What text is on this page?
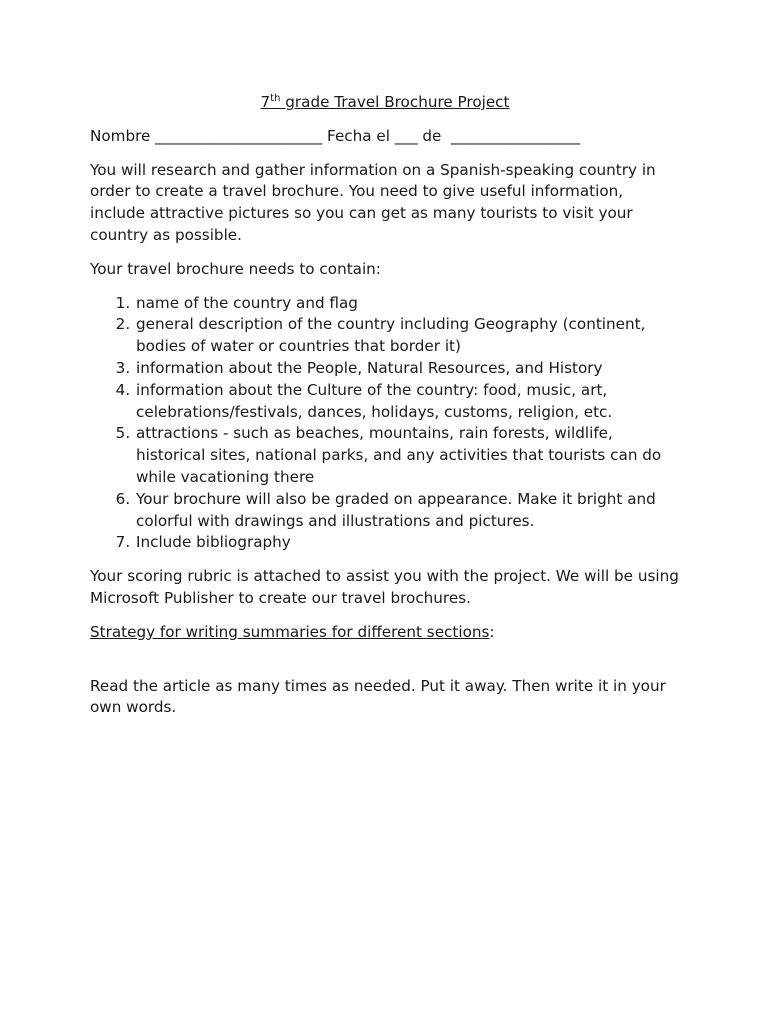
7th grade Travel Brochure Project

Nombre ______________________ Fecha el ___ de  _________________

You will research and gather information on a Spanish-speaking country in order to create a travel brochure. You need to give useful information, include attractive pictures so you can get as many tourists to visit your country as possible.

Your travel brochure needs to contain:

1. name of the country and flag
2. general description of the country including Geography (continent, bodies of water or countries that border it)
3. information about the People, Natural Resources, and History
4. information about the Culture of the country: food, music, art, celebrations/festivals, dances, holidays, customs, religion, etc.
5. attractions - such as beaches, mountains, rain forests, wildlife, historical sites, national parks, and any activities that tourists can do while vacationing there
6. Your brochure will also be graded on appearance. Make it bright and colorful with drawings and illustrations and pictures.
7. Include bibliography

Your scoring rubric is attached to assist you with the project. We will be using Microsoft Publisher to create our travel brochures.

Strategy for writing summaries for different sections:

Read the article as many times as needed. Put it away. Then write it in your own words.
